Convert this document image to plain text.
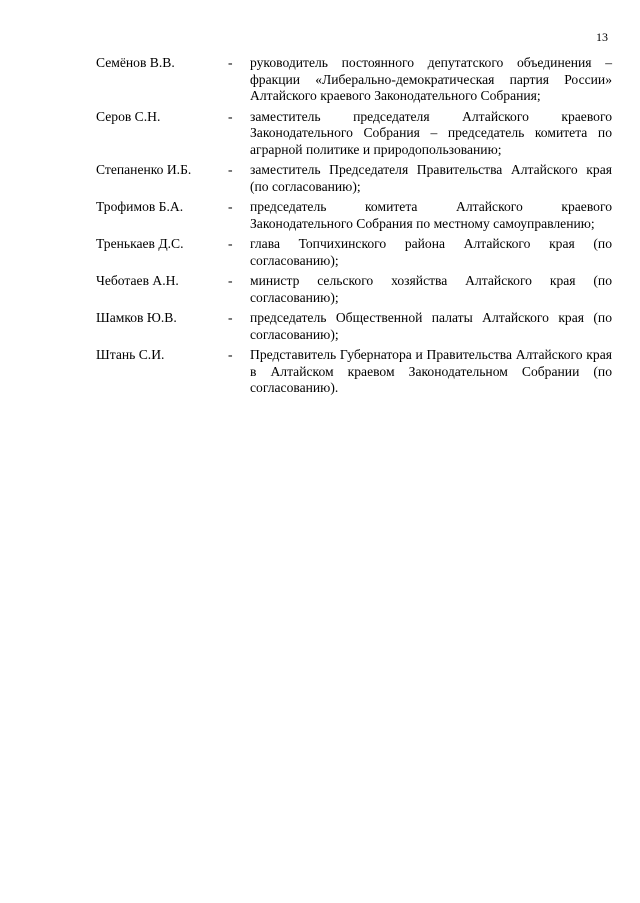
13
Семёнов В.В.	-	руководитель постоянного депутатского объединения – фракции «Либерально-демократическая партия России» Алтайского краевого Законодательного Собрания;
Серов С.Н.	-	заместитель председателя Алтайского краевого Законодательного Собрания – председатель комитета по аграрной политике и природопользованию;
Степаненко И.Б.	-	заместитель Председателя Правительства Алтайского края (по согласованию);
Трофимов Б.А.	-	председатель комитета Алтайского краевого Законодательного Собрания по местному самоуправлению;
Тренькаев Д.С.	-	глава Топчихинского района Алтайского края (по согласованию);
Чеботаев А.Н.	-	министр сельского хозяйства Алтайского края (по согласованию);
Шамков Ю.В.	-	председатель Общественной палаты Алтайского края (по согласованию);
Штань С.И.	-	Представитель Губернатора и Правительства Алтайского края в Алтайском краевом Законодательном Собрании (по согласованию).
